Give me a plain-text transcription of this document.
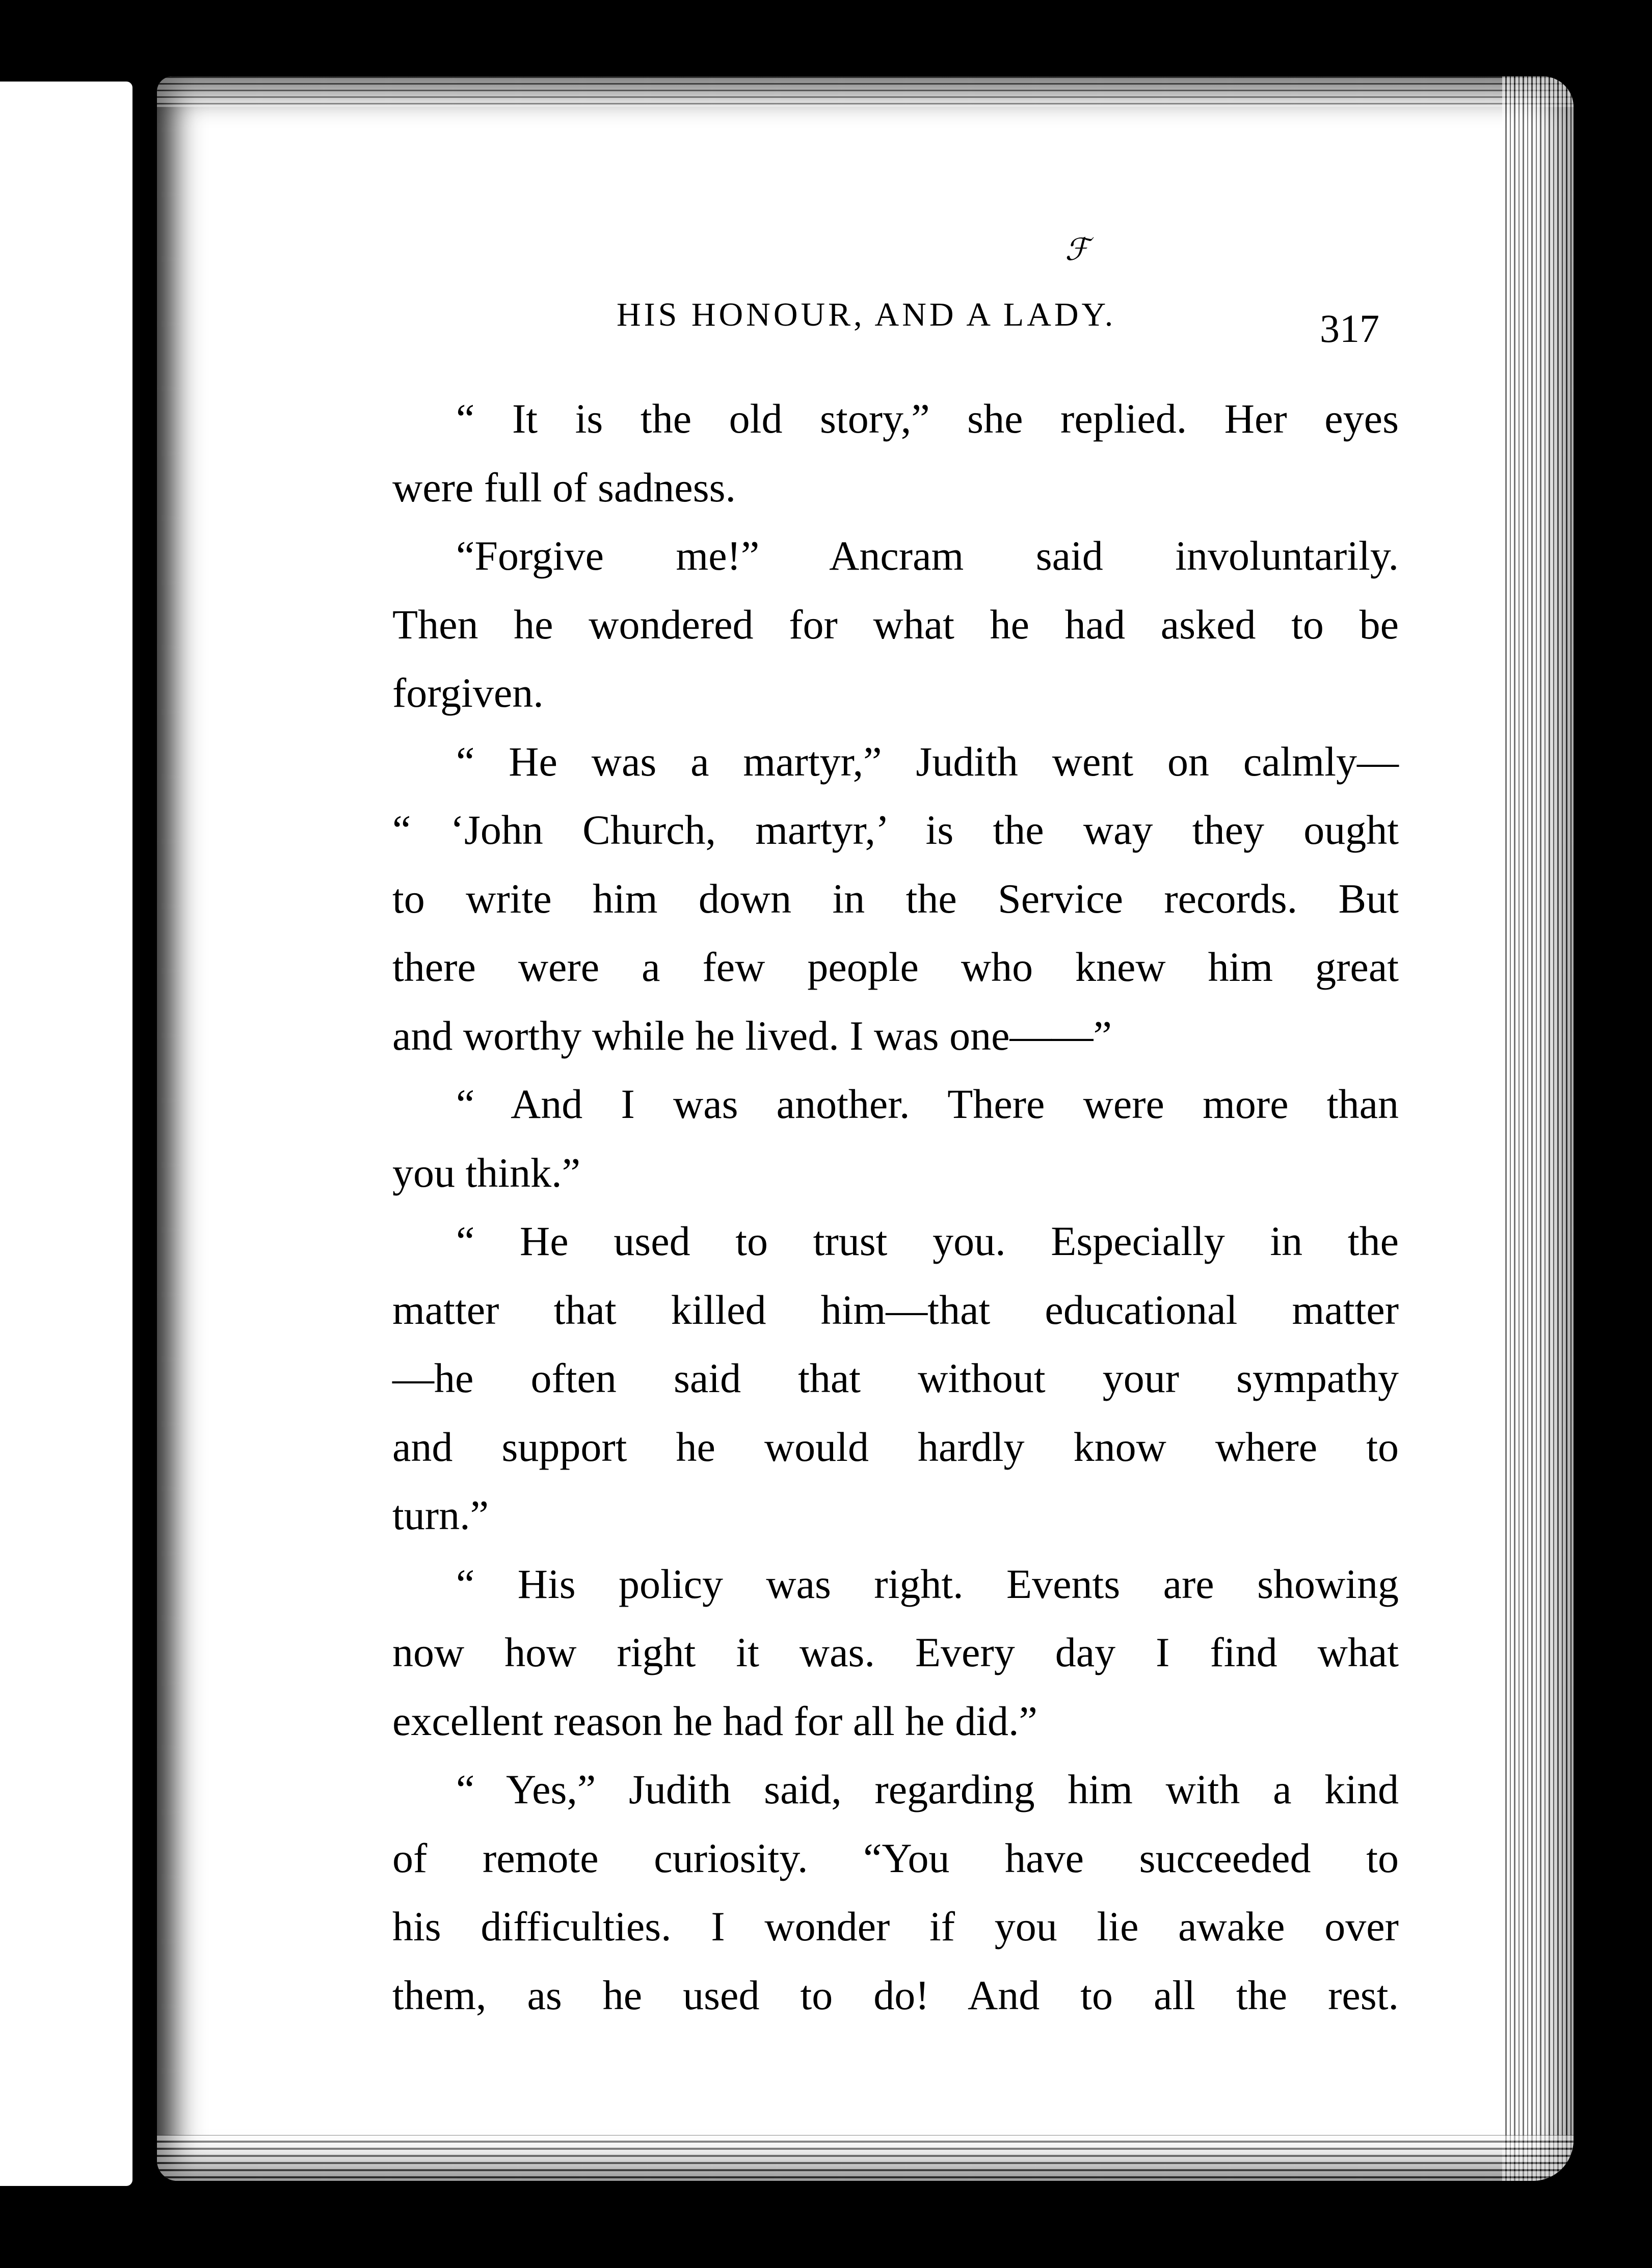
ℱ
HIS HONOUR, AND A LADY.	317
“ It is the old story,” she replied. Her eyes
were full of sadness.
“Forgive me!” Ancram said involuntarily.
Then he wondered for what he had asked to be
forgiven.
“ He was a martyr,” Judith went on calmly—
“ ‘John Church, martyr,’ is the way they ought
to write him down in the Service records. But
there were a few people who knew him great
and worthy while he lived. I was one——”
“ And I was another. There were more than
you think.”
“ He used to trust you. Especially in the
matter that killed him—that educational matter
—he often said that without your sympathy
and support he would hardly know where to
turn.”
“ His policy was right. Events are showing
now how right it was. Every day I find what
excellent reason he had for all he did.”
“ Yes,” Judith said, regarding him with a kind
of remote curiosity. “You have succeeded to
his difficulties. I wonder if you lie awake over
them, as he used to do! And to all the rest.
